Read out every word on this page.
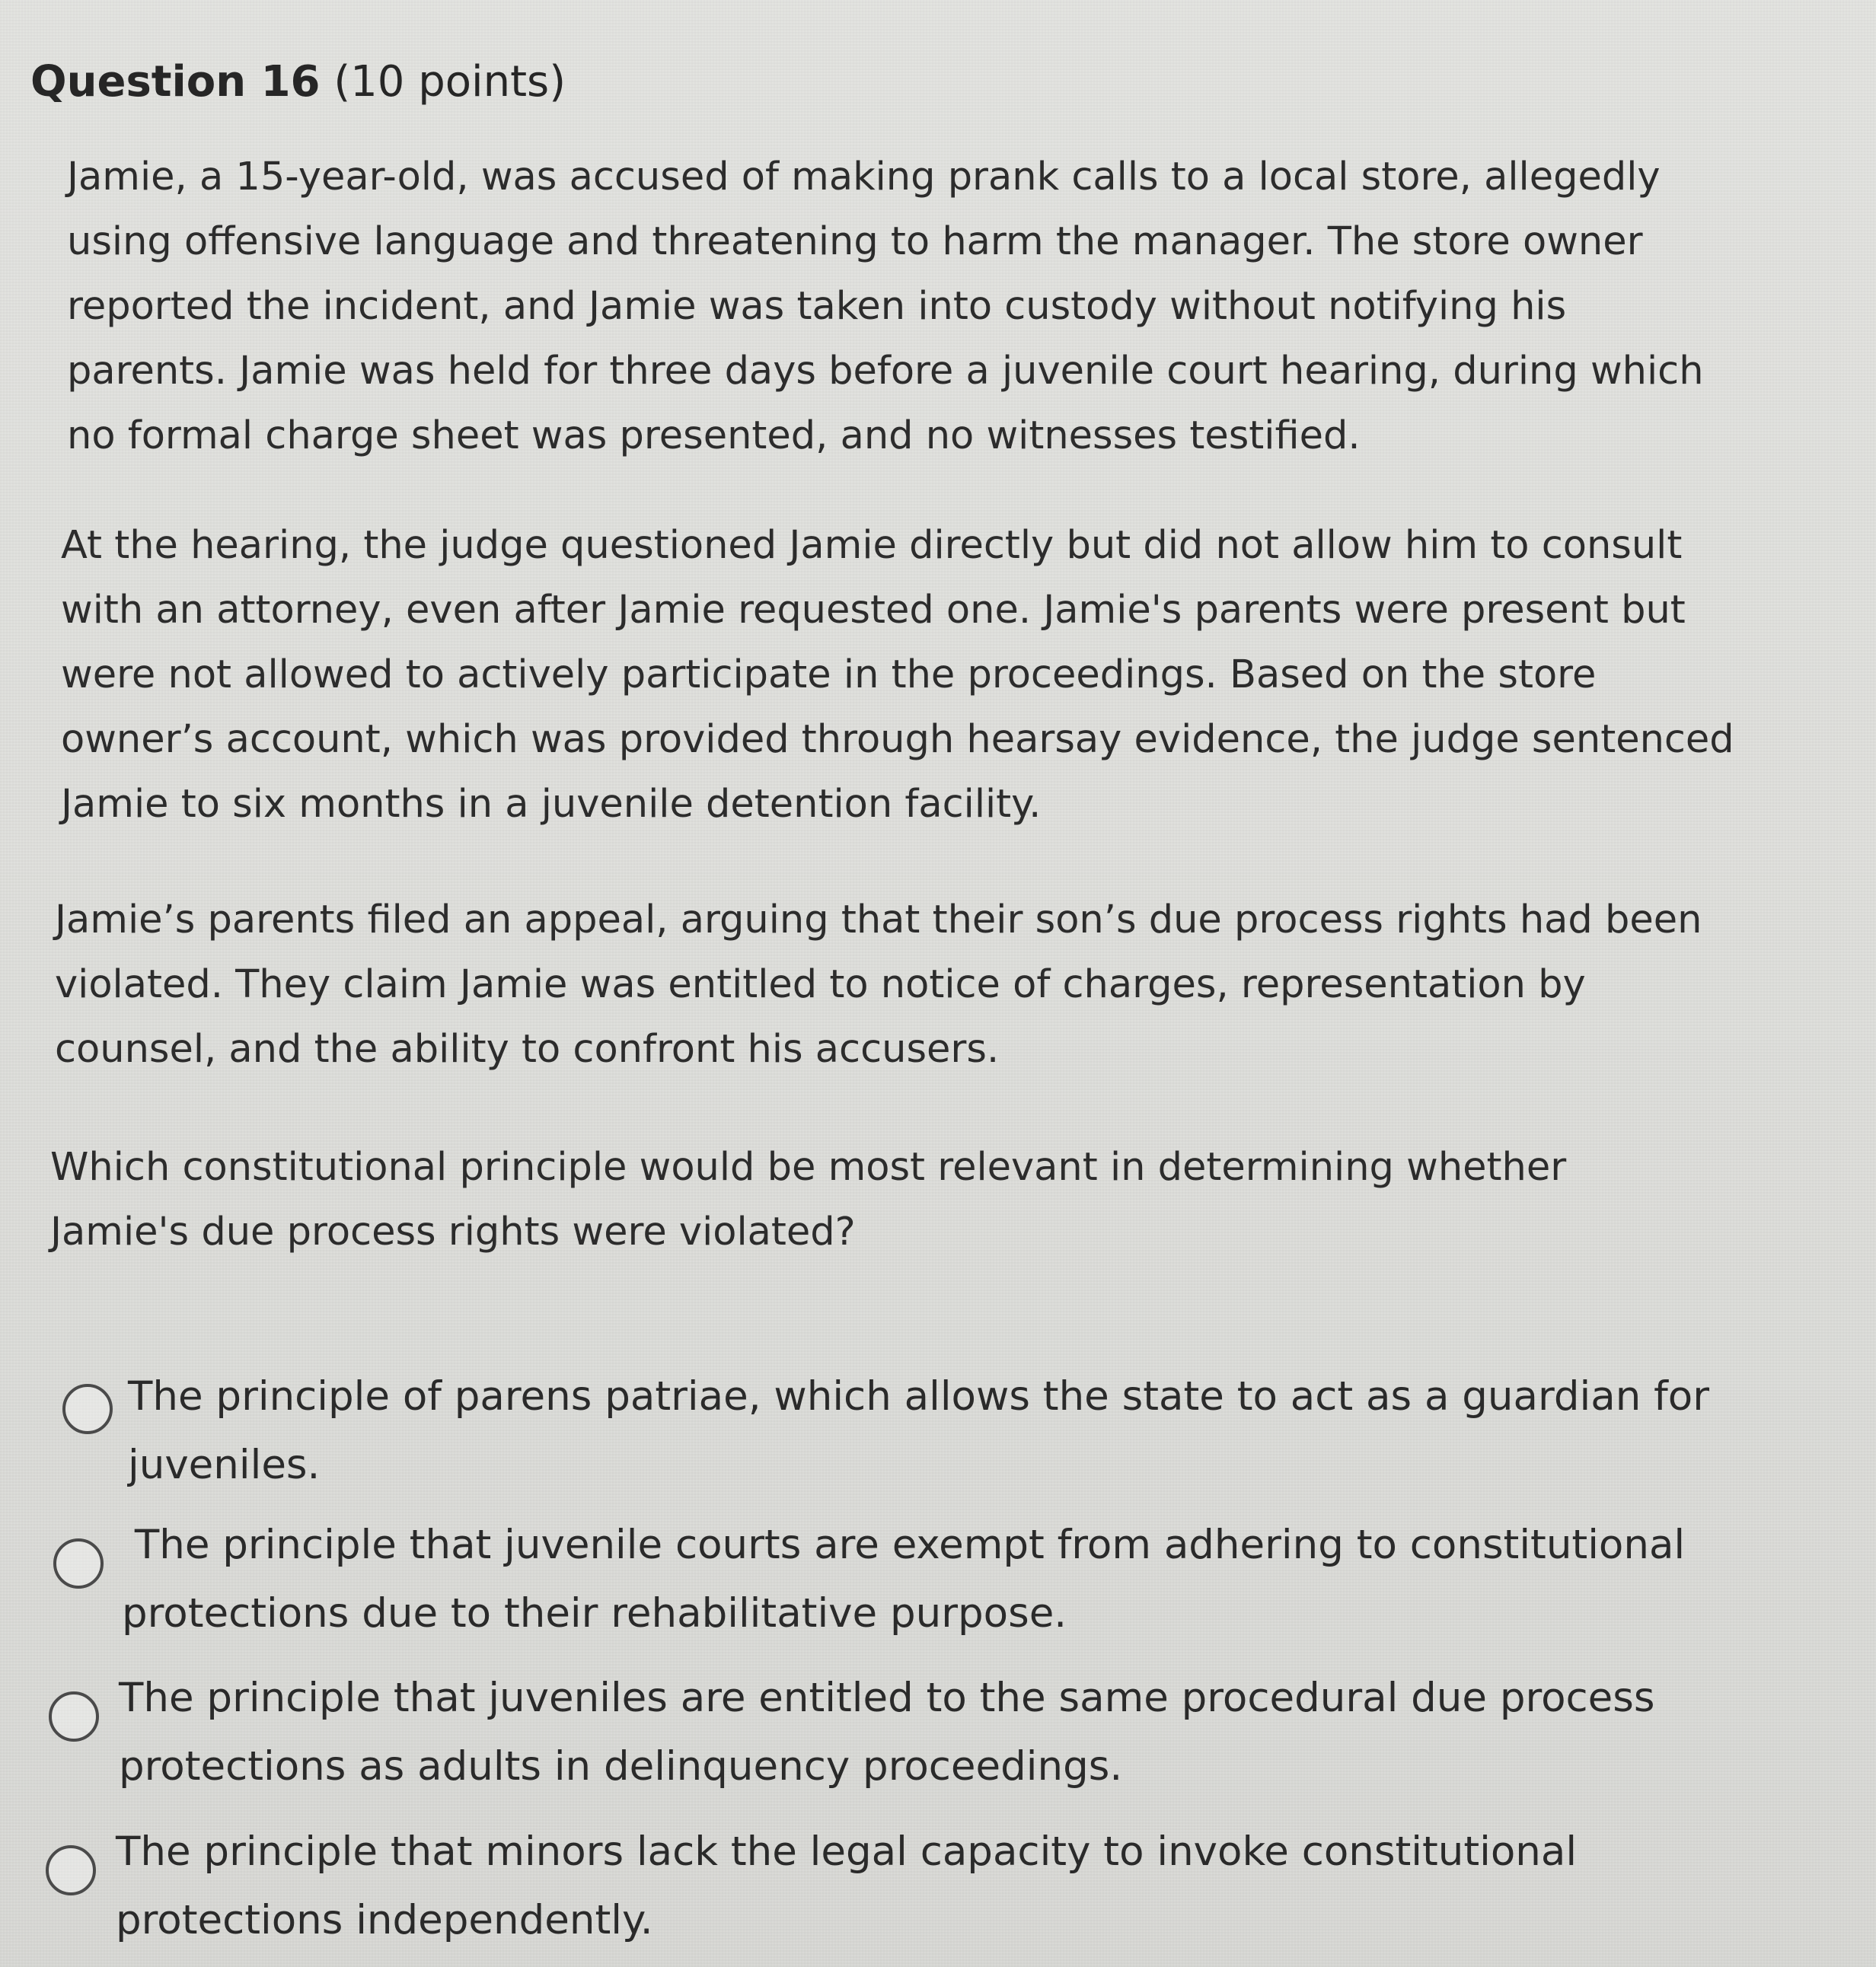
Question 16 (10 points)

Jamie, a 15-year-old, was accused of making prank calls to a local store, allegedly
using offensive language and threatening to harm the manager. The store owner
reported the incident, and Jamie was taken into custody without notifying his
parents. Jamie was held for three days before a juvenile court hearing, during which
no formal charge sheet was presented, and no witnesses testified.

At the hearing, the judge questioned Jamie directly but did not allow him to consult
with an attorney, even after Jamie requested one. Jamie's parents were present but
were not allowed to actively participate in the proceedings. Based on the store
owner’s account, which was provided through hearsay evidence, the judge sentenced
Jamie to six months in a juvenile detention facility.

Jamie’s parents filed an appeal, arguing that their son’s due process rights had been
violated. They claim Jamie was entitled to notice of charges, representation by
counsel, and the ability to confront his accusers.

Which constitutional principle would be most relevant in determining whether
Jamie's due process rights were violated?

The principle of parens patriae, which allows the state to act as a guardian for
juveniles.
The principle that juvenile courts are exempt from adhering to constitutional
protections due to their rehabilitative purpose.
The principle that juveniles are entitled to the same procedural due process
protections as adults in delinquency proceedings.
The principle that minors lack the legal capacity to invoke constitutional
protections independently.
